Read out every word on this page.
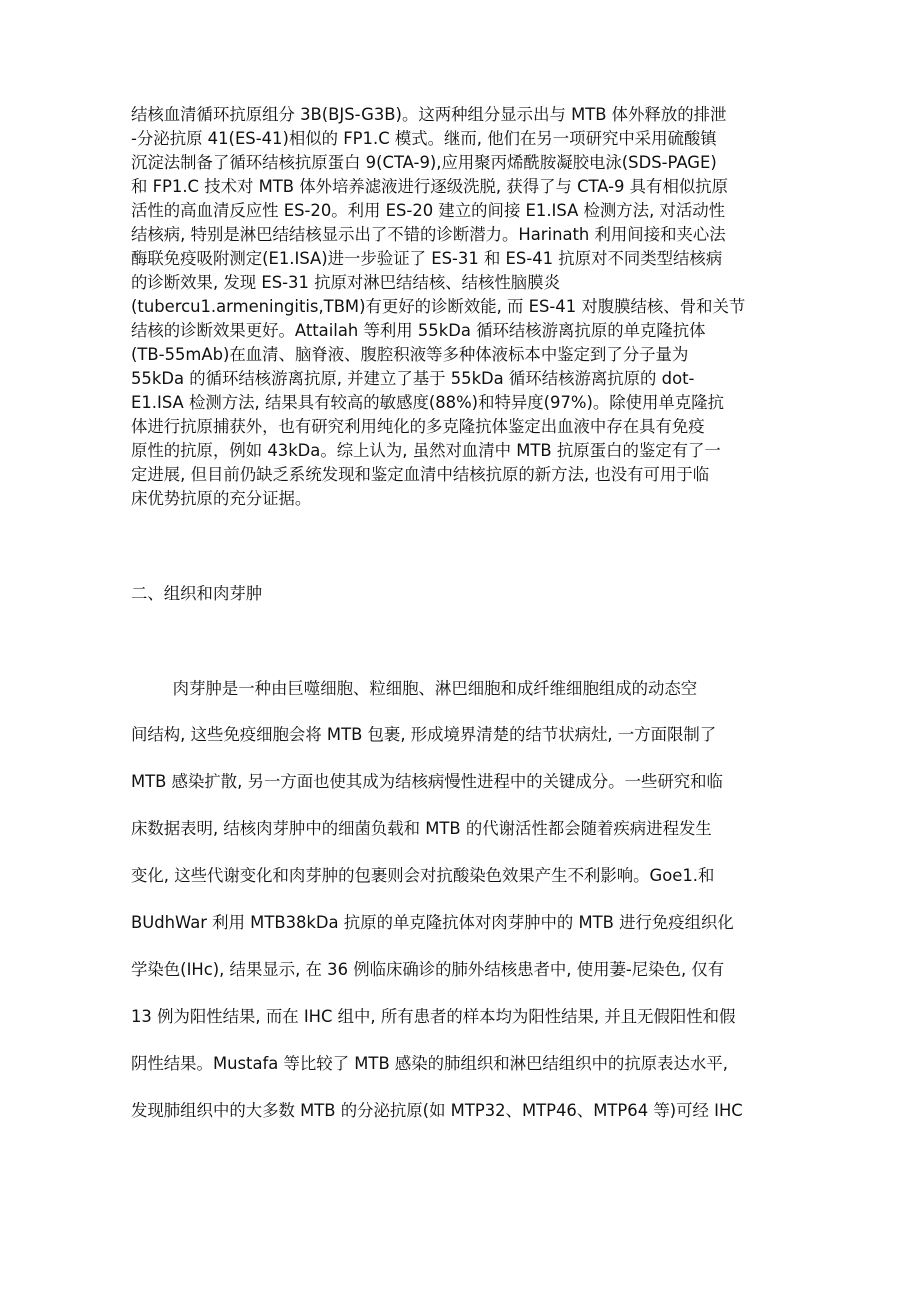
结核血清循环抗原组分 3B(BJS-G3B)。这两种组分显示出与 MTB 体外释放的排泄
-分泌抗原 41(ES-41)相似的 FP1.C 模式。继而, 他们在另一项研究中采用硫酸镇
沉淀法制备了循环结核抗原蛋白 9(CTA-9),应用聚丙烯酰胺凝胶电泳(SDS-PAGE)
和 FP1.C 技术对 MTB 体外培养滤液进行逐级洗脱, 获得了与 CTA-9 具有相似抗原
活性的高血清反应性 ES-20。利用 ES-20 建立的间接 E1.ISA 检测方法, 对活动性
结核病, 特别是淋巴结结核显示出了不错的诊断潜力。Harinath 利用间接和夹心法
酶联免疫吸附测定(E1.ISA)进一步验证了 ES-31 和 ES-41 抗原对不同类型结核病
的诊断效果, 发现 ES-31 抗原对淋巴结结核、结核性脑膜炎
(tubercu1.armeningitis,TBM)有更好的诊断效能, 而 ES-41 对腹膜结核、骨和关节
结核的诊断效果更好。Attailah 等利用 55kDa 循环结核游离抗原的单克隆抗体
(TB-55mAb)在血清、脑脊液、腹腔积液等多种体液标本中鉴定到了分子量为
55kDa 的循环结核游离抗原, 并建立了基于 55kDa 循环结核游离抗原的 dot-
E1.ISA 检测方法, 结果具有较高的敏感度(88%)和特异度(97%)。除使用单克隆抗
体进行抗原捕获外，也有研究利用纯化的多克隆抗体鉴定出血液中存在具有免疫
原性的抗原，例如 43kDa。综上认为, 虽然对血清中 MTB 抗原蛋白的鉴定有了一
定进展, 但目前仍缺乏系统发现和鉴定血清中结核抗原的新方法, 也没有可用于临
床优势抗原的充分证据。
二、组织和肉芽肿
肉芽肿是一种由巨噬细胞、粒细胞、淋巴细胞和成纤维细胞组成的动态空
间结构, 这些免疫细胞会将 MTB 包裹, 形成境界清楚的结节状病灶, 一方面限制了
MTB 感染扩散, 另一方面也使其成为结核病慢性进程中的关键成分。一些研究和临
床数据表明, 结核肉芽肿中的细菌负载和 MTB 的代谢活性都会随着疾病进程发生
变化, 这些代谢变化和肉芽肿的包裹则会对抗酸染色效果产生不利影响。Goe1.和
BUdhWar 利用 MTB38kDa 抗原的单克隆抗体对肉芽肿中的 MTB 进行免疫组织化
学染色(IHc), 结果显示, 在 36 例临床确诊的肺外结核患者中, 使用萋-尼染色, 仅有
13 例为阳性结果, 而在 IHC 组中, 所有患者的样本均为阳性结果, 并且无假阳性和假
阴性结果。Mustafa 等比较了 MTB 感染的肺组织和淋巴结组织中的抗原表达水平,
发现肺组织中的大多数 MTB 的分泌抗原(如 MTP32、MTP46、MTP64 等)可经 IHC
